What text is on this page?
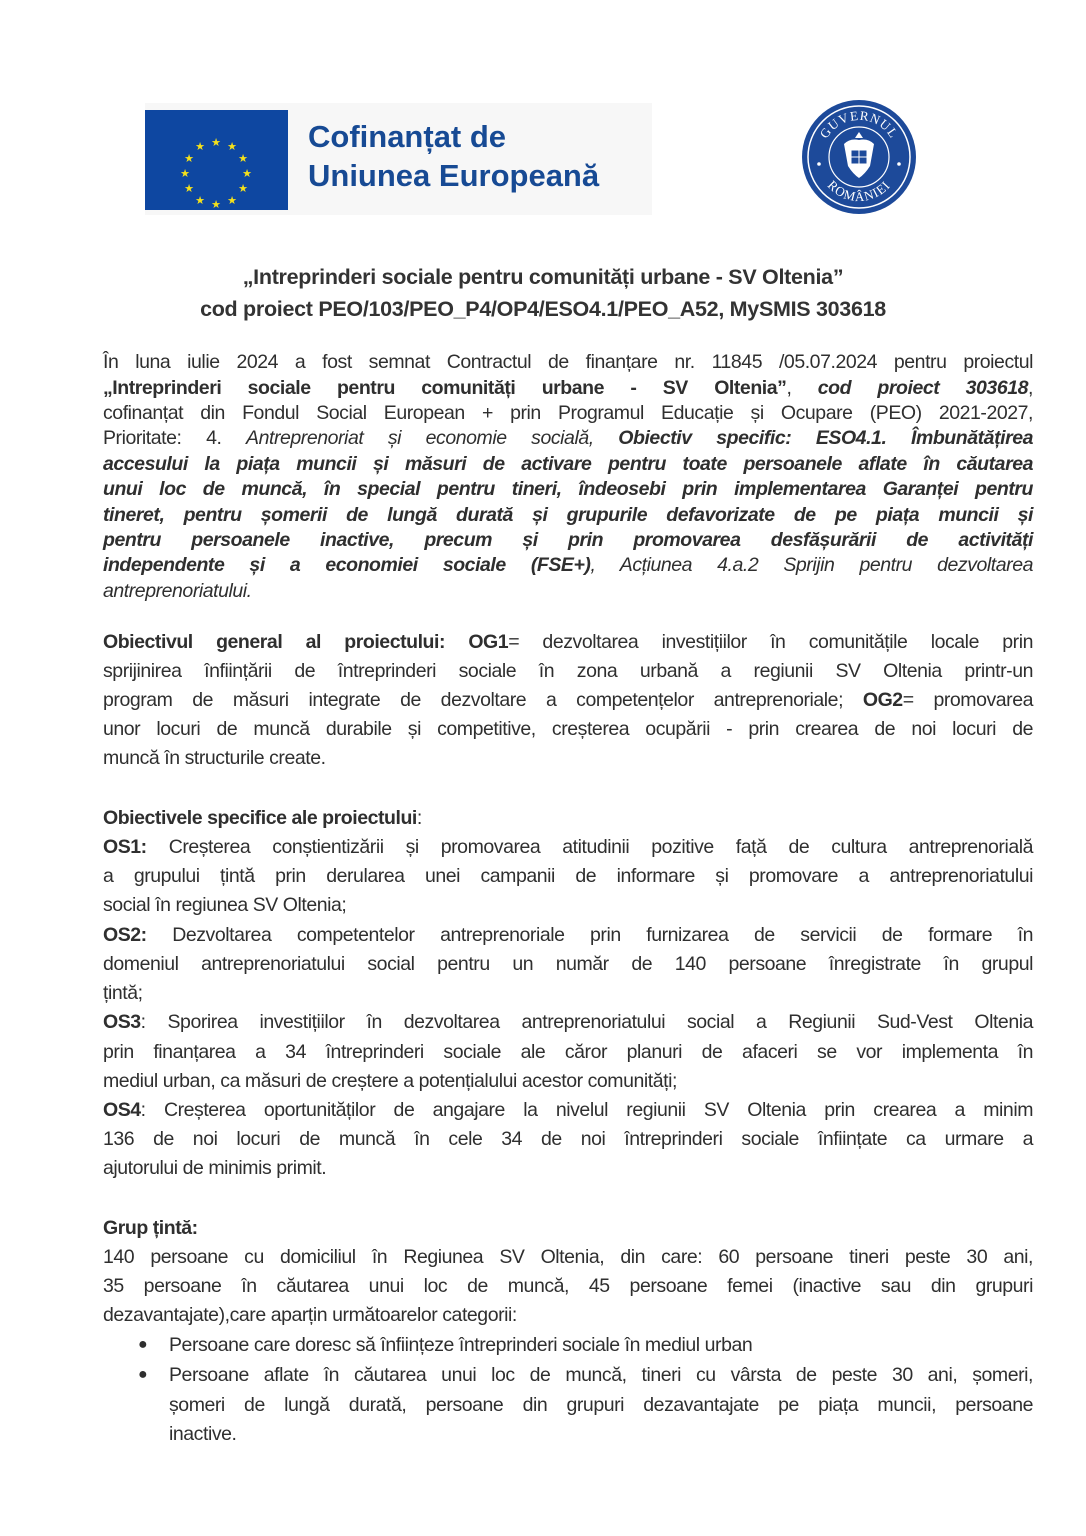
★ ★
★
★
★
★
★
★
★
★
★
★	Cofinanțat de
Uniunea Europeană
GUVERNUL
ROMÂNIEI
„Intreprinderi sociale pentru comunități urbane - SV Oltenia”
cod proiect PEO/103/PEO_P4/OP4/ESO4.1/PEO_A52, MySMIS 303618
În luna iulie 2024 a fost semnat Contractul de finanțare nr. 11845 /05.07.2024 pentru proiectul
„Intreprinderi sociale pentru comunități urbane - SV Oltenia”, cod proiect 303618,
cofinanțat din Fondul Social European + prin Programul Educație și Ocupare (PEO) 2021-2027,
Prioritate: 4. Antreprenoriat și economie socială, Obiectiv specific: ESO4.1. Îmbunătățirea
accesului la piața muncii și măsuri de activare pentru toate persoanele aflate în căutarea
unui loc de muncă, în special pentru tineri, îndeosebi prin implementarea Garanței pentru
tineret, pentru șomerii de lungă durată și grupurile defavorizate de pe piața muncii și
pentru persoanele inactive, precum și prin promovarea desfășurării de activități
independente și a economiei sociale (FSE+), Acțiunea 4.a.2 Sprijin pentru dezvoltarea
antreprenoriatului.
Obiectivul general al proiectului: OG1= dezvoltarea investițiilor în comunitățile locale prin
sprijinirea înființării de întreprinderi sociale în zona urbană a regiunii SV Oltenia printr-un
program de măsuri integrate de dezvoltare a competențelor antreprenoriale; OG2= promovarea
unor locuri de muncă durabile și competitive, creșterea ocupării - prin crearea de noi locuri de
muncă în structurile create.
Obiectivele specifice ale proiectului:
OS1: Creșterea conștientizării și promovarea atitudinii pozitive față de cultura antreprenorială
a grupului țintă prin derularea unei campanii de informare și promovare a antreprenoriatului
social în regiunea SV Oltenia;
OS2: Dezvoltarea competentelor antreprenoriale prin furnizarea de servicii de formare în
domeniul antreprenoriatului social pentru un număr de 140 persoane înregistrate în grupul
țintă;
OS3: Sporirea investițiilor în dezvoltarea antreprenoriatului social a Regiunii Sud-Vest Oltenia
prin finanțarea a 34 întreprinderi sociale ale căror planuri de afaceri se vor implementa în
mediul urban, ca măsuri de creștere a potențialului acestor comunități;
OS4: Creșterea oportunităților de angajare la nivelul regiunii SV Oltenia prin crearea a minim
136 de noi locuri de muncă în cele 34 de noi întreprinderi sociale înființate ca urmare a
ajutorului de minimis primit.
Grup țintă:
140 persoane cu domiciliul în Regiunea SV Oltenia, din care: 60 persoane tineri peste 30 ani,
35 persoane în căutarea unui loc de muncă, 45 persoane femei (inactive sau din grupuri
dezavantajate),care aparțin următoarelor categorii:
● Persoane care doresc să înființeze întreprinderi sociale în mediul urban
● Persoane aflate în căutarea unui loc de muncă, tineri cu vârsta de peste 30 ani, șomeri,
șomeri de lungă durată, persoane din grupuri dezavantajate pe piața muncii, persoane
inactive.
